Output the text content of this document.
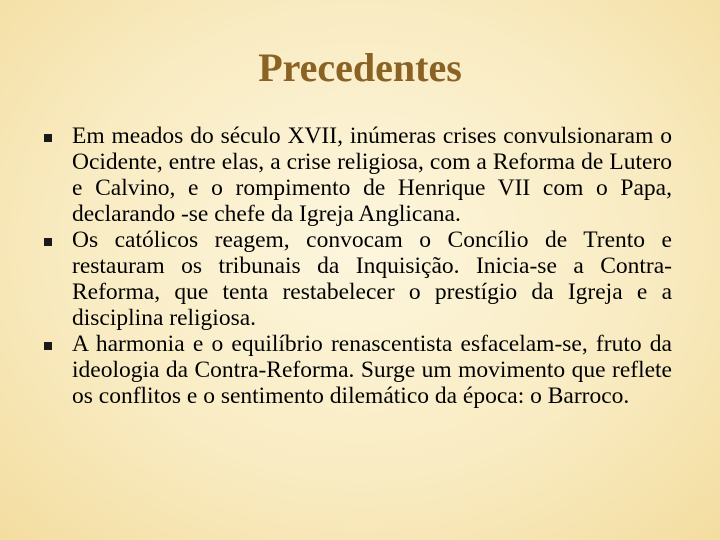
Precedentes
Em meados do século XVII, inúmeras crises convulsionaram o Ocidente, entre elas, a crise religiosa, com a Reforma de Lutero e Calvino, e o rompimento de Henrique VII com o Papa, declarando -se chefe da Igreja Anglicana.
Os católicos reagem, convocam o Concílio de Trento e restauram os tribunais da Inquisição. Inicia-se a Contra-Reforma, que tenta restabelecer o prestígio da Igreja e a disciplina religiosa.
A harmonia e o equilíbrio renascentista esfacelam-se, fruto da ideologia da Contra-Reforma. Surge um movimento que reflete os conflitos e o sentimento dilemático da época: o Barroco.
